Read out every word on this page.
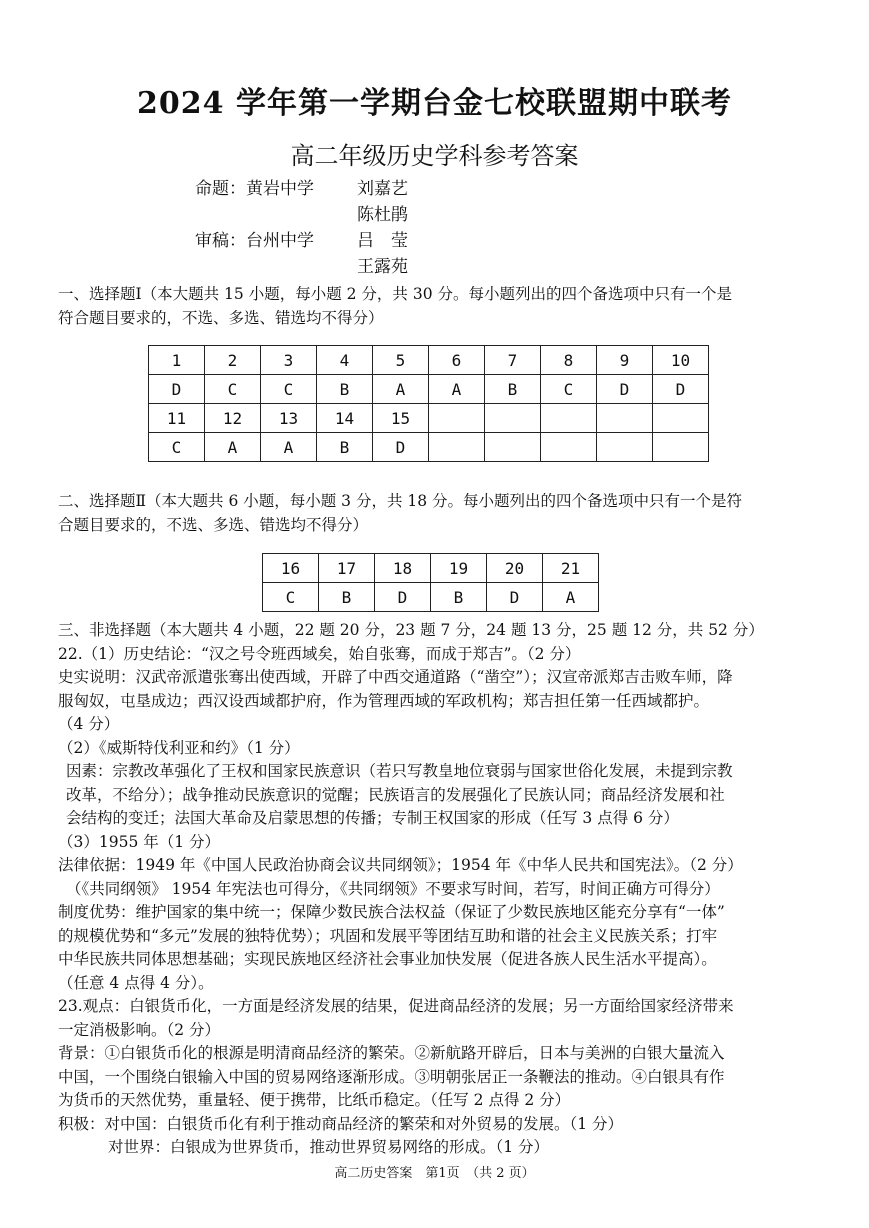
2024 学年第一学期台金七校联盟期中联考
高二年级历史学科参考答案
命题：黄岩中学	刘嘉艺
陈杜鹃
审稿：台州中学	吕　莹
王露苑

一、选择题Ⅰ（本大题共 15 小题，每小题 2 分，共 30 分。每小题列出的四个备选项中只有一个是

符合题目要求的，不选、多选、错选均不得分）

1	2	3	4	5	6	7	8	9	10
D	C	C	B	A	A	B	C	D	D
11	12	13	14	15					
C	A	A	B	D					

二、选择题Ⅱ（本大题共 6 小题，每小题 3 分，共 18 分。每小题列出的四个备选项中只有一个是符

合题目要求的，不选、多选、错选均不得分）

16	17	18	19	20	21
C	B	D	B	D	A

三、非选择题（本大题共 4 小题，22 题 20 分，23 题 7 分，24 题 13 分，25 题 12 分，共 52 分）

22.（1）历史结论：“汉之号令班西域矣，始自张骞，而成于郑吉”。（2 分）

史实说明：汉武帝派遣张骞出使西域，开辟了中西交通道路（“凿空”）；汉宣帝派郑吉击败车师，降

服匈奴，屯垦成边；西汉设西域都护府，作为管理西域的军政机构；郑吉担任第一任西域都护。

（4 分）

（2）《威斯特伐利亚和约》（1 分）

因素：宗教改革强化了王权和国家民族意识（若只写教皇地位衰弱与国家世俗化发展，未提到宗教

改革，不给分）；战争推动民族意识的觉醒；民族语言的发展强化了民族认同；商品经济发展和社

会结构的变迁；法国大革命及启蒙思想的传播；专制王权国家的形成（任写 3 点得 6 分）

（3）1955 年（1 分）

法律依据：1949 年《中国人民政治协商会议共同纲领》；1954 年《中华人民共和国宪法》。（2 分）

（《共同纲领》 1954 年宪法也可得分，《共同纲领》不要求写时间，若写，时间正确方可得分）

制度优势：维护国家的集中统一；保障少数民族合法权益（保证了少数民族地区能充分享有“一体”

的规模优势和“多元”发展的独特优势）；巩固和发展平等团结互助和谐的社会主义民族关系；打牢

中华民族共同体思想基础；实现民族地区经济社会事业加快发展（促进各族人民生活水平提高）。

（任意 4 点得 4 分）。

23.观点：白银货币化，一方面是经济发展的结果，促进商品经济的发展；另一方面给国家经济带来

一定消极影响。（2 分）

背景：①白银货币化的根源是明清商品经济的繁荣。②新航路开辟后，日本与美洲的白银大量流入

中国，一个围绕白银输入中国的贸易网络逐渐形成。③明朝张居正一条鞭法的推动。④白银具有作

为货币的天然优势，重量轻、便于携带，比纸币稳定。（任写 2 点得 2 分）

积极：对中国：白银货币化有利于推动商品经济的繁荣和对外贸易的发展。（1 分）

对世界：白银成为世界货币，推动世界贸易网络的形成。（1 分）

高二历史答案　第1页　（共 2 页）
